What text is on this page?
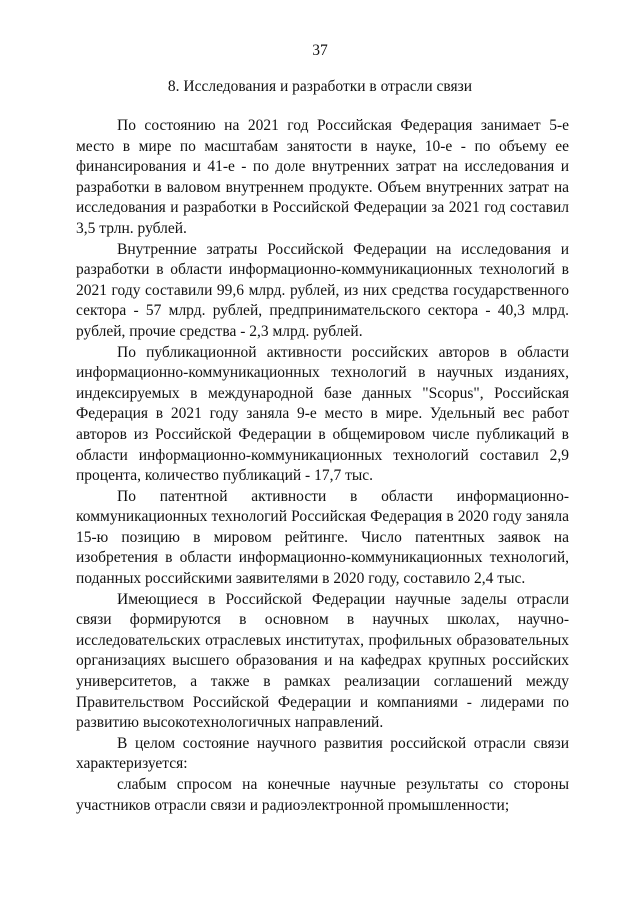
37
8. Исследования и разработки в отрасли связи

По состоянию на 2021 год Российская Федерация занимает 5-е место в мире по масштабам занятости в науке, 10-е - по объему ее финансирования и 41-е - по доле внутренних затрат на исследования и разработки в валовом внутреннем продукте. Объем внутренних затрат на исследования и разработки в Российской Федерации за 2021 год составил 3,5 трлн. рублей.

Внутренние затраты Российской Федерации на исследования и разработки в области информационно-коммуникационных технологий в 2021 году составили 99,6 млрд. рублей, из них средства государственного сектора - 57 млрд. рублей, предпринимательского сектора - 40,3 млрд. рублей, прочие средства - 2,3 млрд. рублей.

По публикационной активности российских авторов в области информационно-коммуникационных технологий в научных изданиях, индексируемых в международной базе данных "Scopus", Российская Федерация в 2021 году заняла 9-е место в мире. Удельный вес работ авторов из Российской Федерации в общемировом числе публикаций в области информационно-коммуникационных технологий составил 2,9 процента, количество публикаций - 17,7 тыс.

По патентной активности в области информационно-коммуникационных технологий Российская Федерация в 2020 году заняла 15-ю позицию в мировом рейтинге. Число патентных заявок на изобретения в области информационно-коммуникационных технологий, поданных российскими заявителями в 2020 году, составило 2,4 тыс.

Имеющиеся в Российской Федерации научные заделы отрасли связи формируются в основном в научных школах, научно-исследовательских отраслевых институтах, профильных образовательных организациях высшего образования и на кафедрах крупных российских университетов, а также в рамках реализации соглашений между Правительством Российской Федерации и компаниями - лидерами по развитию высокотехнологичных направлений.

В целом состояние научного развития российской отрасли связи характеризуется:

слабым спросом на конечные научные результаты со стороны участников отрасли связи и радиоэлектронной промышленности;
